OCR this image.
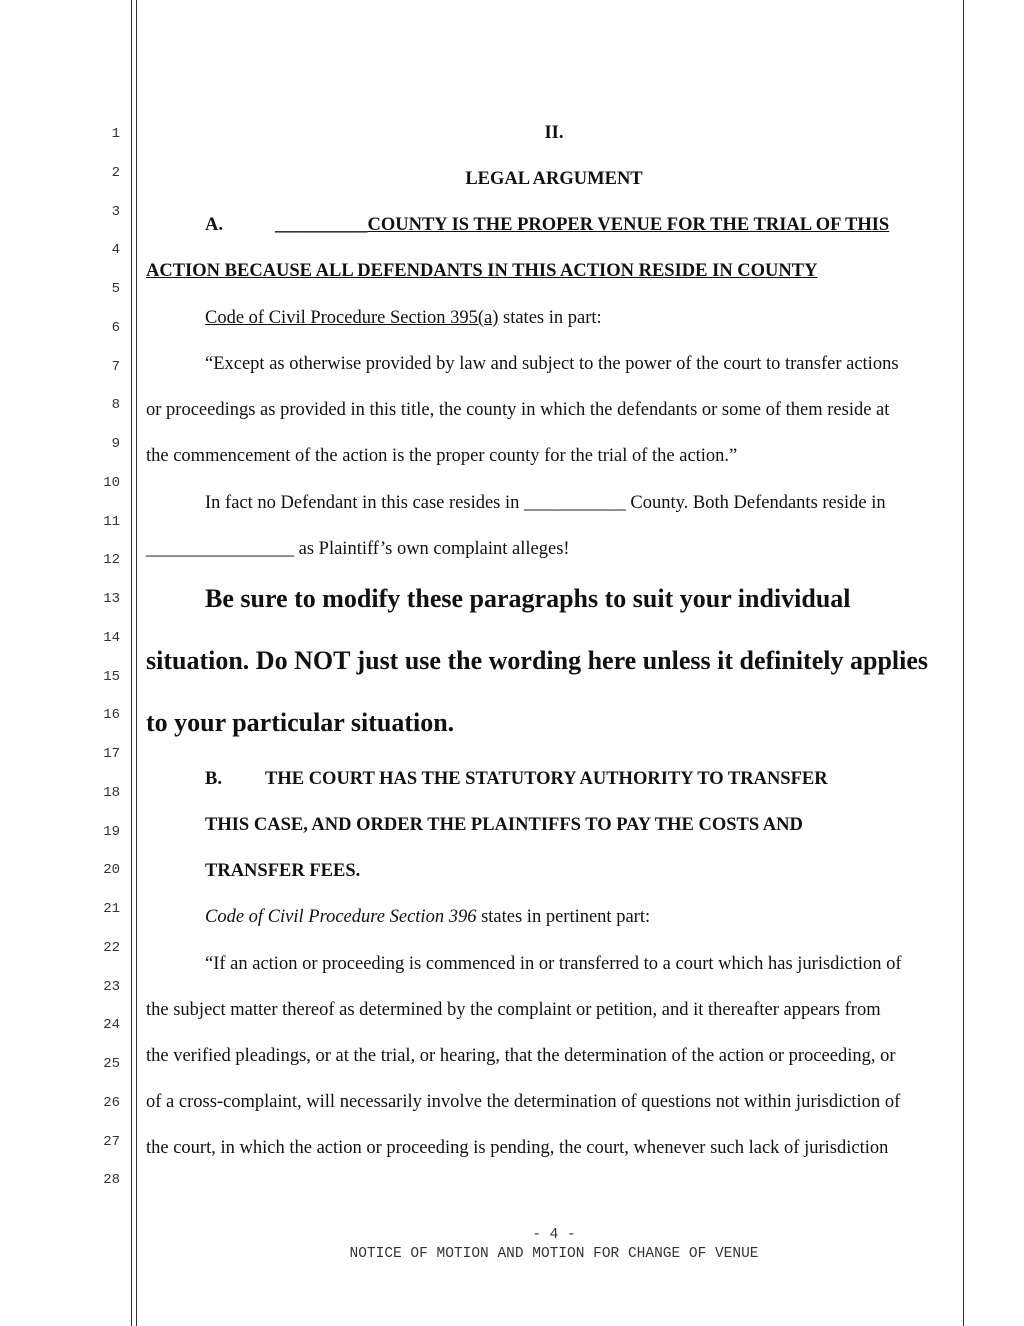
1
2
3
4
5
6
7
8
9
10
11
12
13
14
15
16
17
18
19
20
21
22
23
24
25
26
27
28
II.
LEGAL ARGUMENT
A.	__________COUNTY IS THE PROPER VENUE FOR THE TRIAL OF THIS
ACTION BECAUSE ALL DEFENDANTS IN THIS ACTION RESIDE IN COUNTY
Code of Civil Procedure Section 395(a) states in part:
“Except as otherwise provided by law and subject to the power of the court to transfer actions
or proceedings as provided in this title, the county in which the defendants or some of them reside at
the commencement of the action is the proper county for the trial of the action.”
In fact no Defendant in this case resides in ___________ County. Both Defendants reside in
________________ as Plaintiff’s own complaint alleges!
Be sure to modify these paragraphs to suit your individual
situation. Do NOT just use the wording here unless it definitely applies
to your particular situation.
B. THE COURT HAS THE STATUTORY AUTHORITY TO TRANSFER
THIS CASE, AND ORDER THE PLAINTIFFS TO PAY THE COSTS AND
TRANSFER FEES.
Code of Civil Procedure Section 396 states in pertinent part:
“If an action or proceeding is commenced in or transferred to a court which has jurisdiction of
the subject matter thereof as determined by the complaint or petition, and it thereafter appears from
the verified pleadings, or at the trial, or hearing, that the determination of the action or proceeding, or
of a cross-complaint, will necessarily involve the determination of questions not within jurisdiction of
the court, in which the action or proceeding is pending, the court, whenever such lack of jurisdiction
- 4 -
NOTICE OF MOTION AND MOTION FOR CHANGE OF VENUE
